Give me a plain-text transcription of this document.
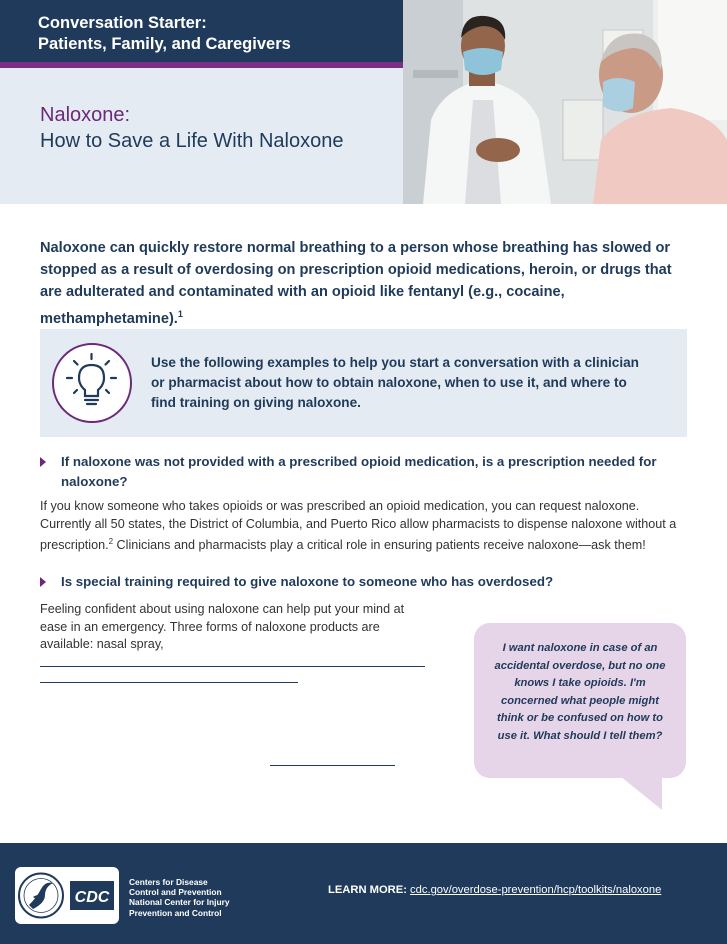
Conversation Starter:
Patients, Family, and Caregivers
Naloxone:
How to Save a Life With Naloxone
Naloxone can quickly restore normal breathing to a person whose breathing has slowed or stopped as a result of overdosing on prescription opioid medications, heroin, or drugs that are adulterated and contaminated with an opioid like fentanyl (e.g., cocaine, methamphetamine).$^1$
Use the following examples to help you start a conversation with a clinician or pharmacist about how to obtain naloxone, when to use it, and where to find training on giving naloxone.
If naloxone was not provided with a prescribed opioid medication, is a prescription needed for naloxone?
If you know someone who takes opioids or was prescribed an opioid medication, you can request naloxone. Currently all 50 states, the District of Columbia, and Puerto Rico allow pharmacists to dispense naloxone without a prescription.$^2$ Clinicians and pharmacists play a critical role in ensuring patients receive naloxone—ask them!
Is special training required to give naloxone to someone who has overdosed?
Feeling confident about using naloxone can help put your mind at ease in an emergency. Three forms of naloxone products are available: nasal spray,	I want naloxone in case of an accidental overdose, but no one knows I take opioids. I'm concerned what people might think or be confused on how to use it. What should I tell them?
CDC
Centers for Disease
Control and Prevention
National Center for Injury
Prevention and Control
LEARN MORE: cdc.gov/overdose-prevention/hcp/toolkits/naloxone
